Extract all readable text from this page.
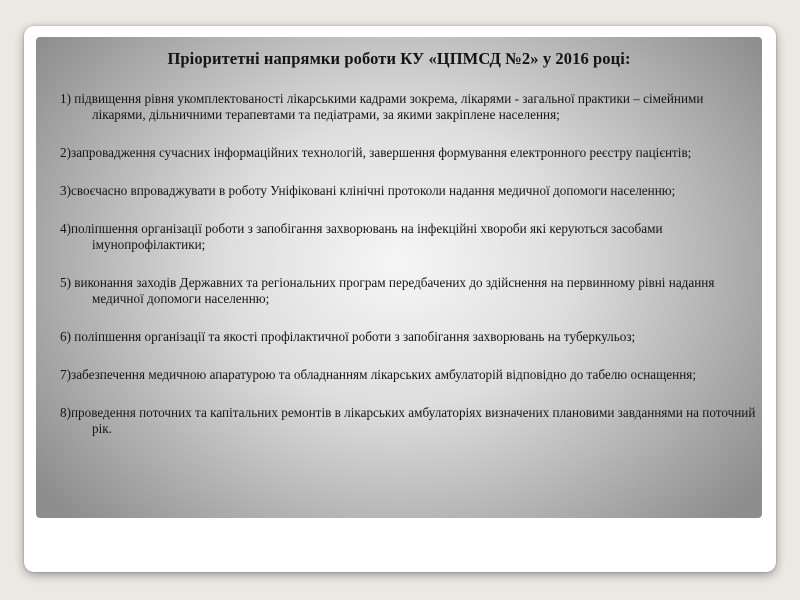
Пріоритетні напрямки роботи КУ «ЦПМСД №2» у 2016 році:
1) підвищення рівня укомплектованості лікарськими кадрами зокрема, лікарями - загальної практики – сімейними лікарями, дільничними терапевтами та педіатрами, за якими закріплене населення;
2)запровадження сучасних інформаційних технологій, завершення формування електронного реєстру пацієнтів;
3)своєчасно впроваджувати в роботу Уніфіковані клінічні протоколи надання медичної допомоги населенню;
4)поліпшення організації роботи з запобігання захворювань на інфекційні хвороби які керуються засобами імунопрофілактики;
5) виконання заходів Державних та регіональних програм передбачених до здійснення на первинному рівні надання медичної допомоги населенню;
6) поліпшення організації та якості профілактичної роботи з запобігання захворювань на туберкульоз;
7)забезпечення медичною апаратурою та обладнанням лікарських амбулаторій відповідно до табелю оснащення;
8)проведення поточних та капітальних ремонтів в лікарських амбулаторіях визначених плановими завданнями на поточний рік.
